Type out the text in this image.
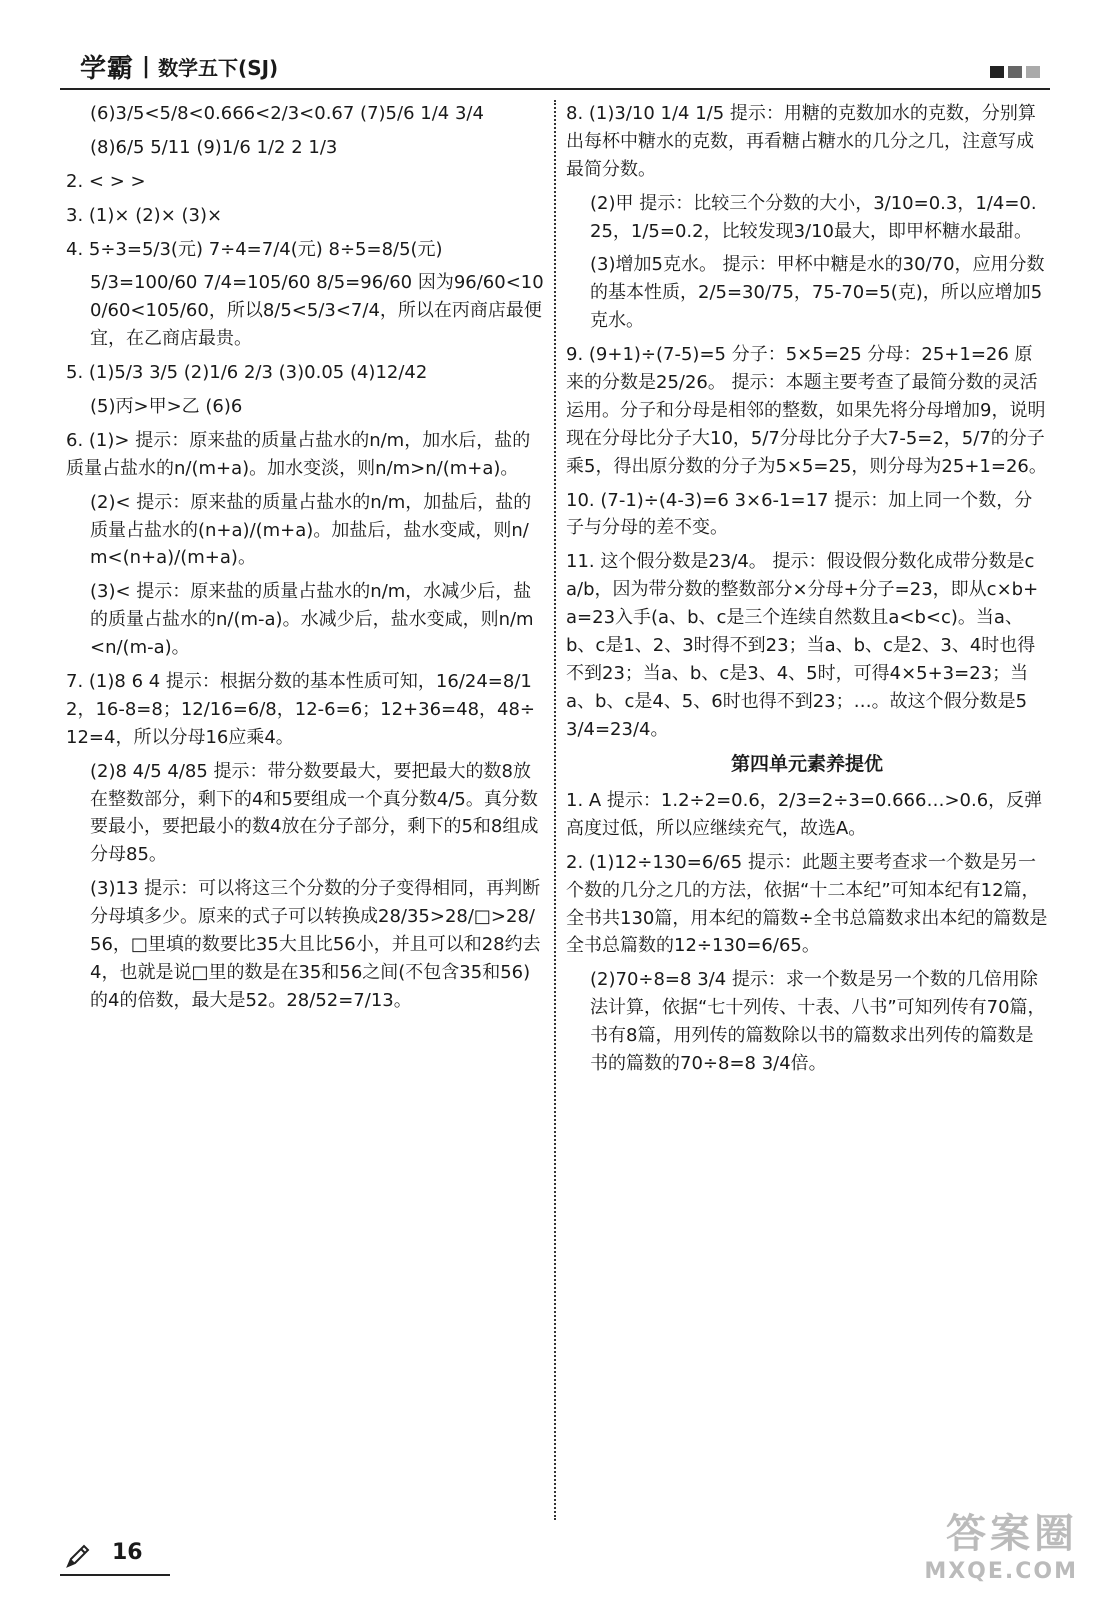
学霸 | 数学五下(SJ)

(6)3/5<5/8<0.666<2/3<0.67 (7)5/6 1/4 3/4

(8)6/5 5/11 (9)1/6 1/2 2 1/3

2. < > >

3. (1)× (2)× (3)×

4. 5÷3=5/3(元) 7÷4=7/4(元) 8÷5=8/5(元)

5/3=100/60 7/4=105/60 8/5=96/60 因为96/60<100/60<105/60，所以8/5<5/3<7/4，所以在丙商店最便宜，在乙商店最贵。

5. (1)5/3 3/5 (2)1/6 2/3 (3)0.05 (4)12/42

(5)丙>甲>乙 (6)6

6. (1)> 提示：原来盐的质量占盐水的n/m，加水后，盐的质量占盐水的n/(m+a)。加水变淡，则n/m>n/(m+a)。

(2)< 提示：原来盐的质量占盐水的n/m，加盐后，盐的质量占盐水的(n+a)/(m+a)。加盐后，盐水变咸，则n/m<(n+a)/(m+a)。

(3)< 提示：原来盐的质量占盐水的n/m，水减少后，盐的质量占盐水的n/(m-a)。水减少后，盐水变咸，则n/m<n/(m-a)。

7. (1)8 6 4 提示：根据分数的基本性质可知，16/24=8/12，16-8=8；12/16=6/8，12-6=6；12+36=48，48÷12=4，所以分母16应乘4。

(2)8 4/5 4/85 提示：带分数要最大，要把最大的数8放在整数部分，剩下的4和5要组成一个真分数4/5。真分数要最小，要把最小的数4放在分子部分，剩下的5和8组成分母85。

(3)13 提示：可以将这三个分数的分子变得相同，再判断分母填多少。原来的式子可以转换成28/35>28/□>28/56，□里填的数要比35大且比56小，并且可以和28约去4，也就是说□里的数是在35和56之间(不包含35和56)的4的倍数，最大是52。28/52=7/13。

8. (1)3/10 1/4 1/5 提示：用糖的克数加水的克数，分别算出每杯中糖水的克数，再看糖占糖水的几分之几，注意写成最简分数。

(2)甲 提示：比较三个分数的大小，3/10=0.3，1/4=0.25，1/5=0.2，比较发现3/10最大，即甲杯糖水最甜。

(3)增加5克水。 提示：甲杯中糖是水的30/70，应用分数的基本性质，2/5=30/75，75-70=5(克)，所以应增加5克水。

9. (9+1)÷(7-5)=5 分子：5×5=25 分母：25+1=26 原来的分数是25/26。 提示：本题主要考查了最简分数的灵活运用。分子和分母是相邻的整数，如果先将分母增加9，说明现在分母比分子大10，5/7分母比分子大7-5=2，5/7的分子乘5，得出原分数的分子为5×5=25，则分母为25+1=26。

10. (7-1)÷(4-3)=6 3×6-1=17 提示：加上同一个数，分子与分母的差不变。

11. 这个假分数是23/4。 提示：假设假分数化成带分数是c a/b，因为带分数的整数部分×分母+分子=23，即从c×b+a=23入手(a、b、c是三个连续自然数且a<b<c)。当a、b、c是1、2、3时得不到23；当a、b、c是2、3、4时也得不到23；当a、b、c是3、4、5时，可得4×5+3=23；当a、b、c是4、5、6时也得不到23；…。故这个假分数是5 3/4=23/4。

第四单元素养提优

1. A 提示：1.2÷2=0.6，2/3=2÷3=0.666…>0.6，反弹高度过低，所以应继续充气，故选A。

2. (1)12÷130=6/65 提示：此题主要考查求一个数是另一个数的几分之几的方法，依据“十二本纪”可知本纪有12篇，全书共130篇，用本纪的篇数÷全书总篇数求出本纪的篇数是全书总篇数的12÷130=6/65。

(2)70÷8=8 3/4 提示：求一个数是另一个数的几倍用除法计算，依据“七十列传、十表、八书”可知列传有70篇，书有8篇，用列传的篇数除以书的篇数求出列传的篇数是书的篇数的70÷8=8 3/4倍。

16	答案圈
MXQE.COM
